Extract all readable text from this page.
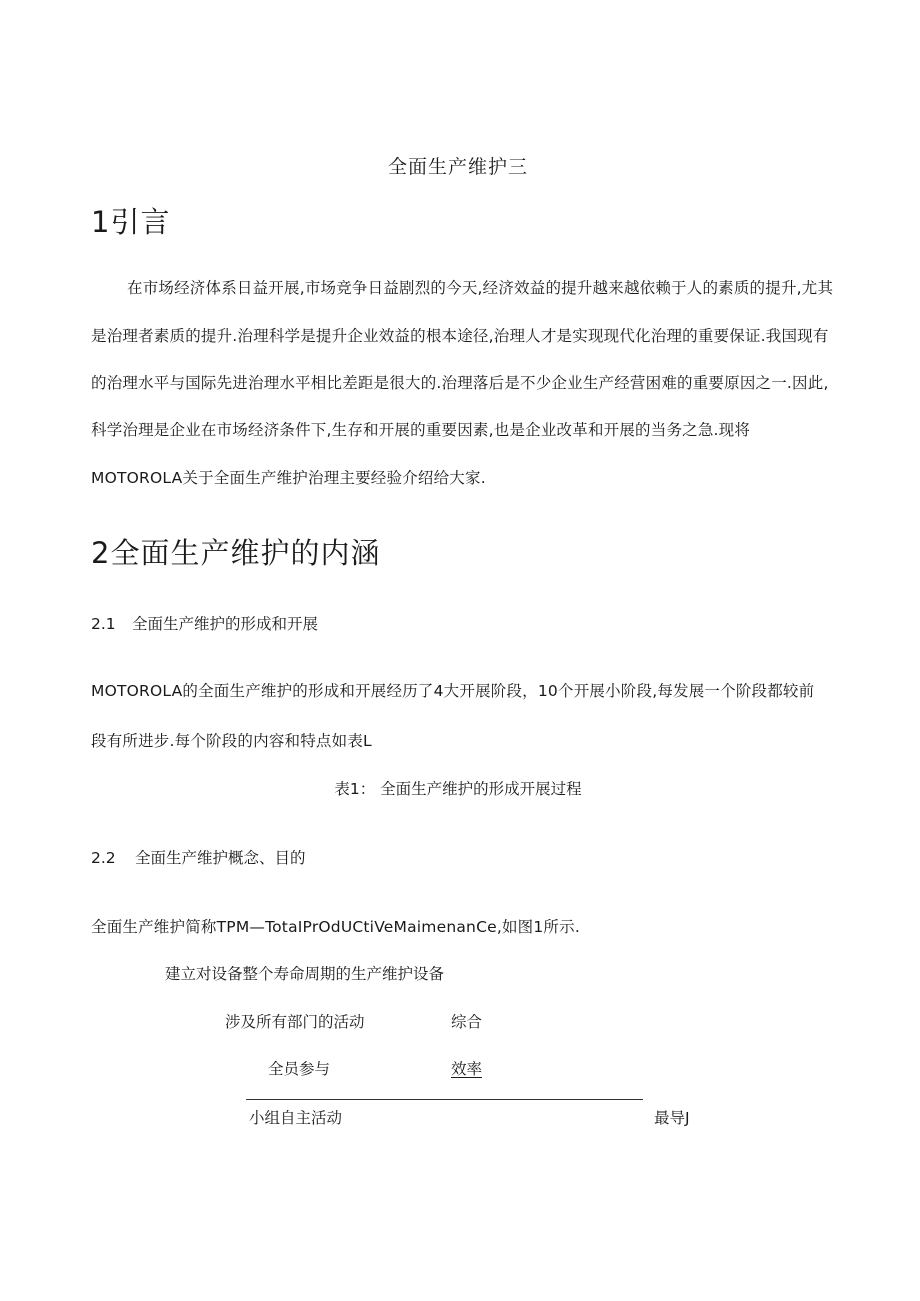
全面生产维护三
1引言
在市场经济体系日益开展,市场竞争日益剧烈的今天,经济效益的提升越来越依赖于人的素质的提升,尤其
是治理者素质的提升.治理科学是提升企业效益的根本途径,治理人才是实现现代化治理的重要保证.我国现有
的治理水平与国际先进治理水平相比差距是很大的.治理落后是不少企业生产经营困难的重要原因之一.因此,
科学治理是企业在市场经济条件下,生存和开展的重要因素,也是企业改革和开展的当务之急.现将
MOTOROLA关于全面生产维护治理主要经验介绍给大家.
2全面生产维护的内涵
2.1 全面生产维护的形成和开展
MOTOROLA的全面生产维护的形成和开展经历了4大开展阶段，10个开展小阶段,每发展一个阶段都较前
段有所进步.每个阶段的内容和特点如表L
表1： 全面生产维护的形成开展过程
2.2 全面生产维护概念、目的
全面生产维护简称TPM—TotaIPrOdUCtiVeMaimenanCe,如图1所示.
建立对设备整个寿命周期的生产维护设备
涉及所有部门的活动	综合
全员参与	效率
小组自主活动	最导J
